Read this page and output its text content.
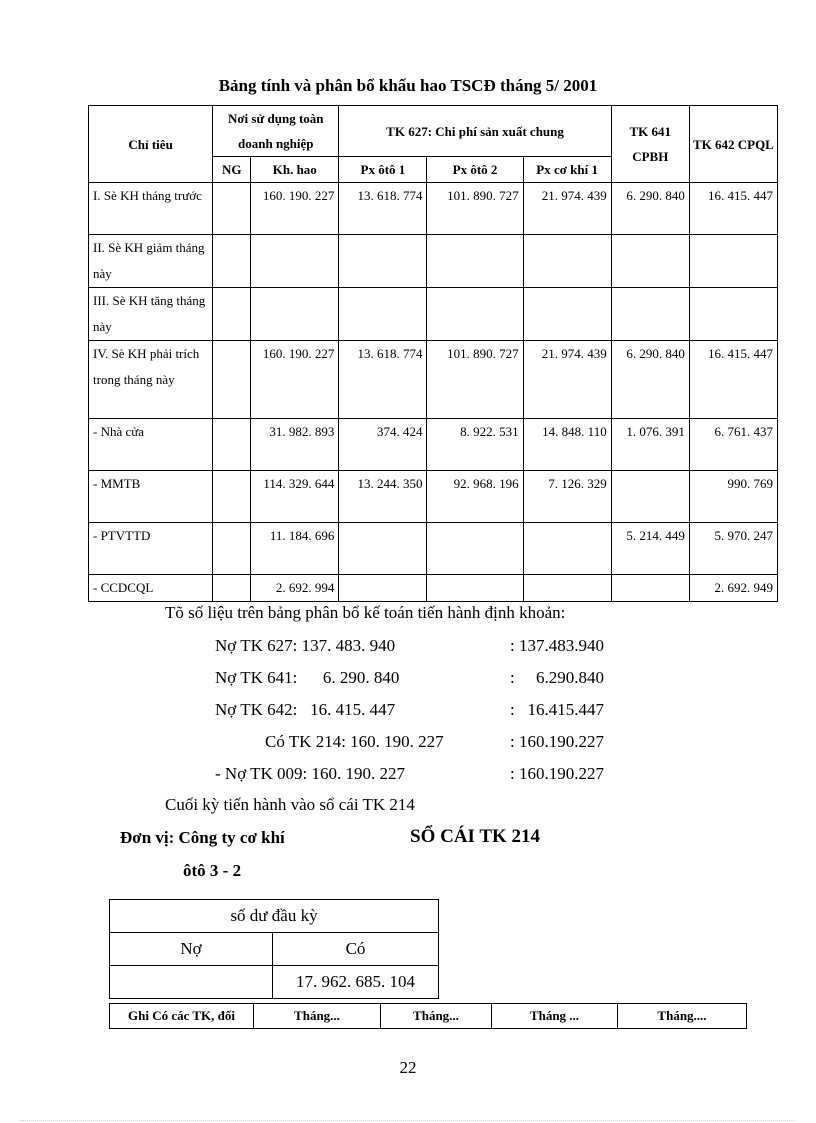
Bảng tính và phân bổ khấu hao TSCĐ tháng 5/ 2001
Chỉ tiêu	Nơi sử dụng toàn doanh nghiệp		TK 627: Chi phí sản xuất chung			TK 641 CPBH	TK 642 CPQL
	NG	Kh. hao	Px ôtô 1	Px ôtô 2	Px cơ khí 1		
I. Sè KH tháng trước		160. 190. 227	13. 618. 774	101. 890. 727	21. 974. 439	6. 290. 840	16. 415. 447
II. Sè KH giảm tháng này							
III. Sè KH tăng tháng này							
IV. Sè KH phải trích trong tháng này		160. 190. 227	13. 618. 774	101. 890. 727	21. 974. 439	6. 290. 840	16. 415. 447
- Nhà cửa		31. 982. 893	374. 424	8. 922. 531	14. 848. 110	1. 076. 391	6. 761. 437
- MMTB		114. 329. 644	13. 244. 350	92. 968. 196	7. 126. 329		990. 769
- PTVTTD		11. 184. 696				5. 214. 449	5. 970. 247
- CCDCQL		2. 692. 994					2. 692. 949
Tõ số liệu trên bảng phân bổ kế toán tiến hành định khoản:
Nợ TK 627: 137. 483. 940	: 137.483.940
Nợ TK 641:      6. 290. 840	:     6.290.840
Nợ TK 642:   16. 415. 447	:   16.415.447
Có TK 214: 160. 190. 227	: 160.190.227
- Nợ TK 009: 160. 190. 227	: 160.190.227
Cuối kỳ tiến hành vào sổ cái TK 214
Đơn vị: Công ty cơ khí	SỔ CÁI TK 214
ôtô 3 - 2
số dư đầu kỳ	
Nợ	Có
	17. 962. 685. 104
Ghi Có các TK, đối	Tháng...	Tháng...	Tháng ...	Tháng....
22
